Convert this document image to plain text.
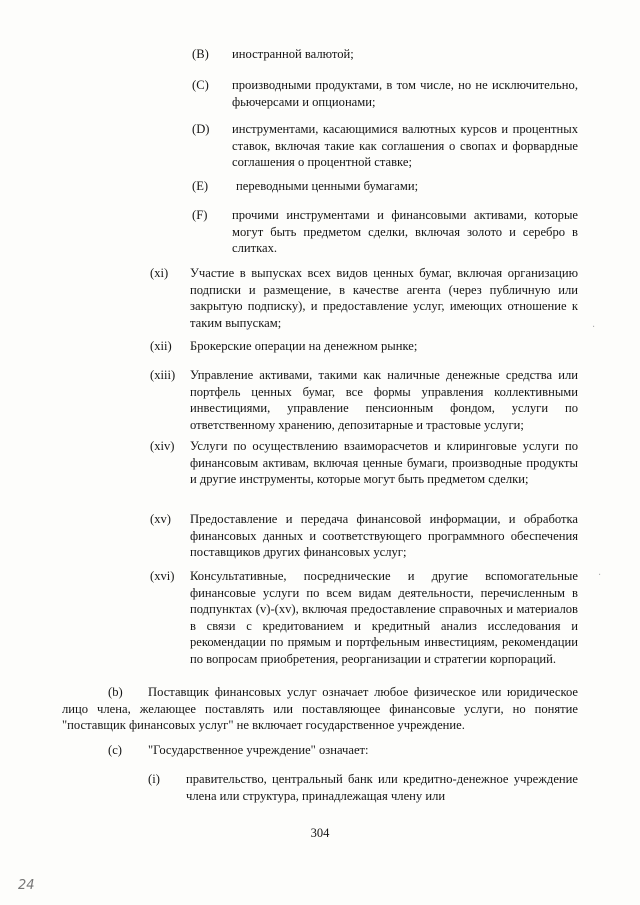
(B) иностранной валютой;
(C) производными продуктами, в том числе, но не исключительно, фьючерсами и опционами;
(D) инструментами, касающимися валютных курсов и процентных ставок, включая такие как соглашения о свопах и форвардные соглашения о процентной ставке;
(E) переводными ценными бумагами;
(F) прочими инструментами и финансовыми активами, которые могут быть предметом сделки, включая золото и серебро в слитках.
(xi) Участие в выпусках всех видов ценных бумаг, включая организацию подписки и размещение, в качестве агента (через публичную или закрытую подписку), и предоставление услуг, имеющих отношение к таким выпускам;
(xii) Брокерские операции на денежном рынке;
(xiii) Управление активами, такими как наличные денежные средства или портфель ценных бумаг, все формы управления коллективными инвестициями, управление пенсионным фондом, услуги по ответственному хранению, депозитарные и трастовые услуги;
(xiv) Услуги по осуществлению взаиморасчетов и клиринговые услуги по финансовым активам, включая ценные бумаги, производные продукты и другие инструменты, которые могут быть предметом сделки;
(xv) Предоставление и передача финансовой информации, и обработка финансовых данных и соответствующего программного обеспечения поставщиков других финансовых услуг;
(xvi) Консультативные, посреднические и другие вспомогательные финансовые услуги по всем видам деятельности, перечисленным в подпунктах (v)-(xv), включая предоставление справочных и материалов в связи с кредитованием и кредитный анализ исследования и рекомендации по прямым и портфельным инвестициям, рекомендации по вопросам приобретения, реорганизации и стратегии корпораций.
(b)	Поставщик финансовых услуг означает любое физическое или юридическое лицо члена, желающее поставлять или поставляющее финансовые услуги, но понятие "поставщик финансовых услуг" не включает государственное учреждение.
(c) "Государственное учреждение" означает:
(i) правительство, центральный банк или кредитно-денежное учреждение члена или структура, принадлежащая члену или
304
24
·
·
